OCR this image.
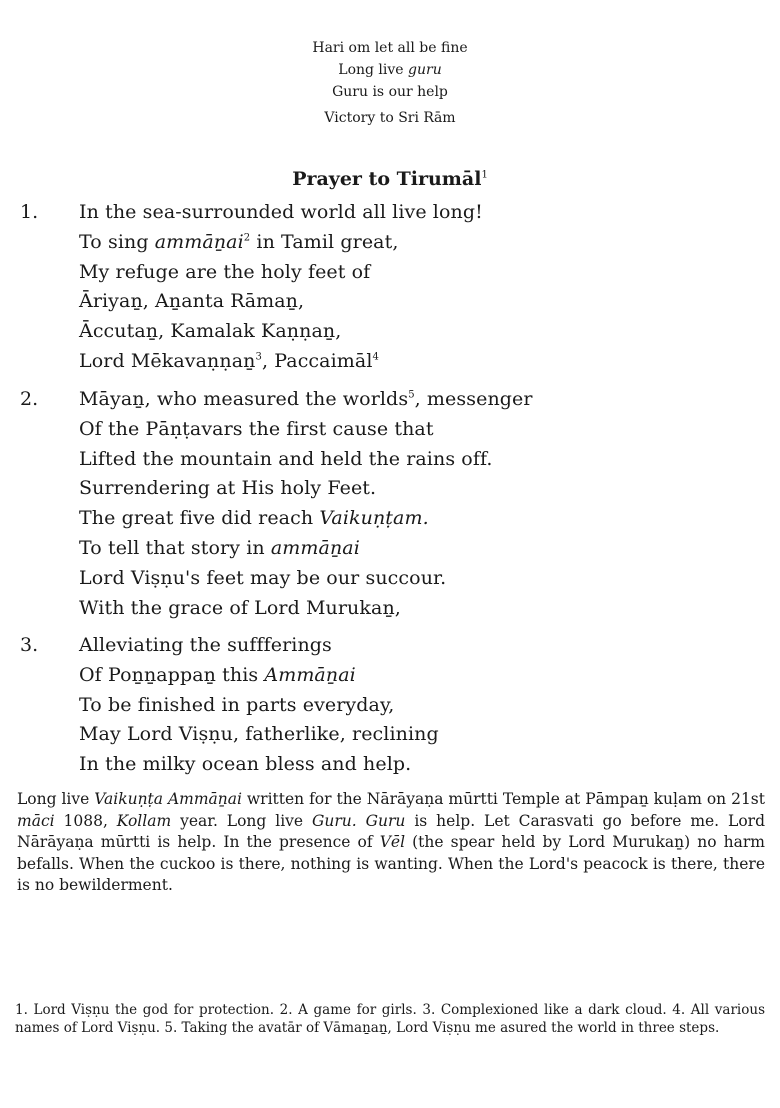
Hari om let all be fine
Long live guru
Guru is our help
Victory to Sri Rām
Prayer to Tirumāl$^1$
1. In the sea-surrounded world all live long!
To sing ammāṉai$^2$ in Tamil great,
My refuge are the holy feet of
Āriyaṉ, Aṉanta Rāmaṉ,
Āccutaṉ, Kamalak Kaṇṇaṉ,
Lord Mēkavaṇṇaṉ$^3$, Paccaimāl$^4$
2. Māyaṉ, who measured the worlds$^5$, messenger
Of the Pāṇṭavars the first cause that
Lifted the mountain and held the rains off.
Surrendering at His holy Feet.
The great five did reach Vaikuṇṭam.
To tell that story in ammāṉai
Lord Viṣṇu's feet may be our succour.
With the grace of Lord Murukaṉ,
3. Alleviating the suffferings
Of Poṉṉappaṉ this Ammāṉai
To be finished in parts everyday,
May Lord Viṣṇu, fatherlike, reclining
In the milky ocean bless and help.

Long live Vaikuṇṭa Ammāṉai written for the Nārāyaṇa mūrtti Temple at Pāmpaṉ kuḷam on 21st māci 1088, Kollam year. Long live Guru. Guru is help. Let Carasvati go before me. Lord Nārāyaṇa mūrtti is help. In the presence of Vēl (the spear held by Lord Murukaṉ) no harm befalls. When the cuckoo is there, nothing is wanting. When the Lord's peacock is there, there is no bewilderment.

1. Lord Viṣṇu the god for protection. 2. A game for girls. 3. Complexioned like a dark cloud. 4. All various names of Lord Viṣṇu. 5. Taking the avatār of Vāmaṉaṉ, Lord Viṣṇu me asured the world in three steps.
